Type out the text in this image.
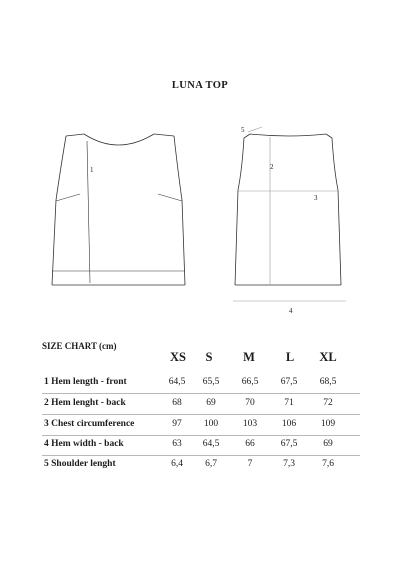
LUNA TOP
1
5
2
3
4
SIZE CHART (cm)
XS	S	M	L	XL
1 Hem length - front	64,5	65,5	66,5	67,5	68,5
2 Hem lenght - back	68	69	70	71	72
3 Chest circumference	97	100	103	106	109
4 Hem width - back	63	64,5	66	67,5	69
5 Shoulder lenght	6,4	6,7	7	7,3	7,6
